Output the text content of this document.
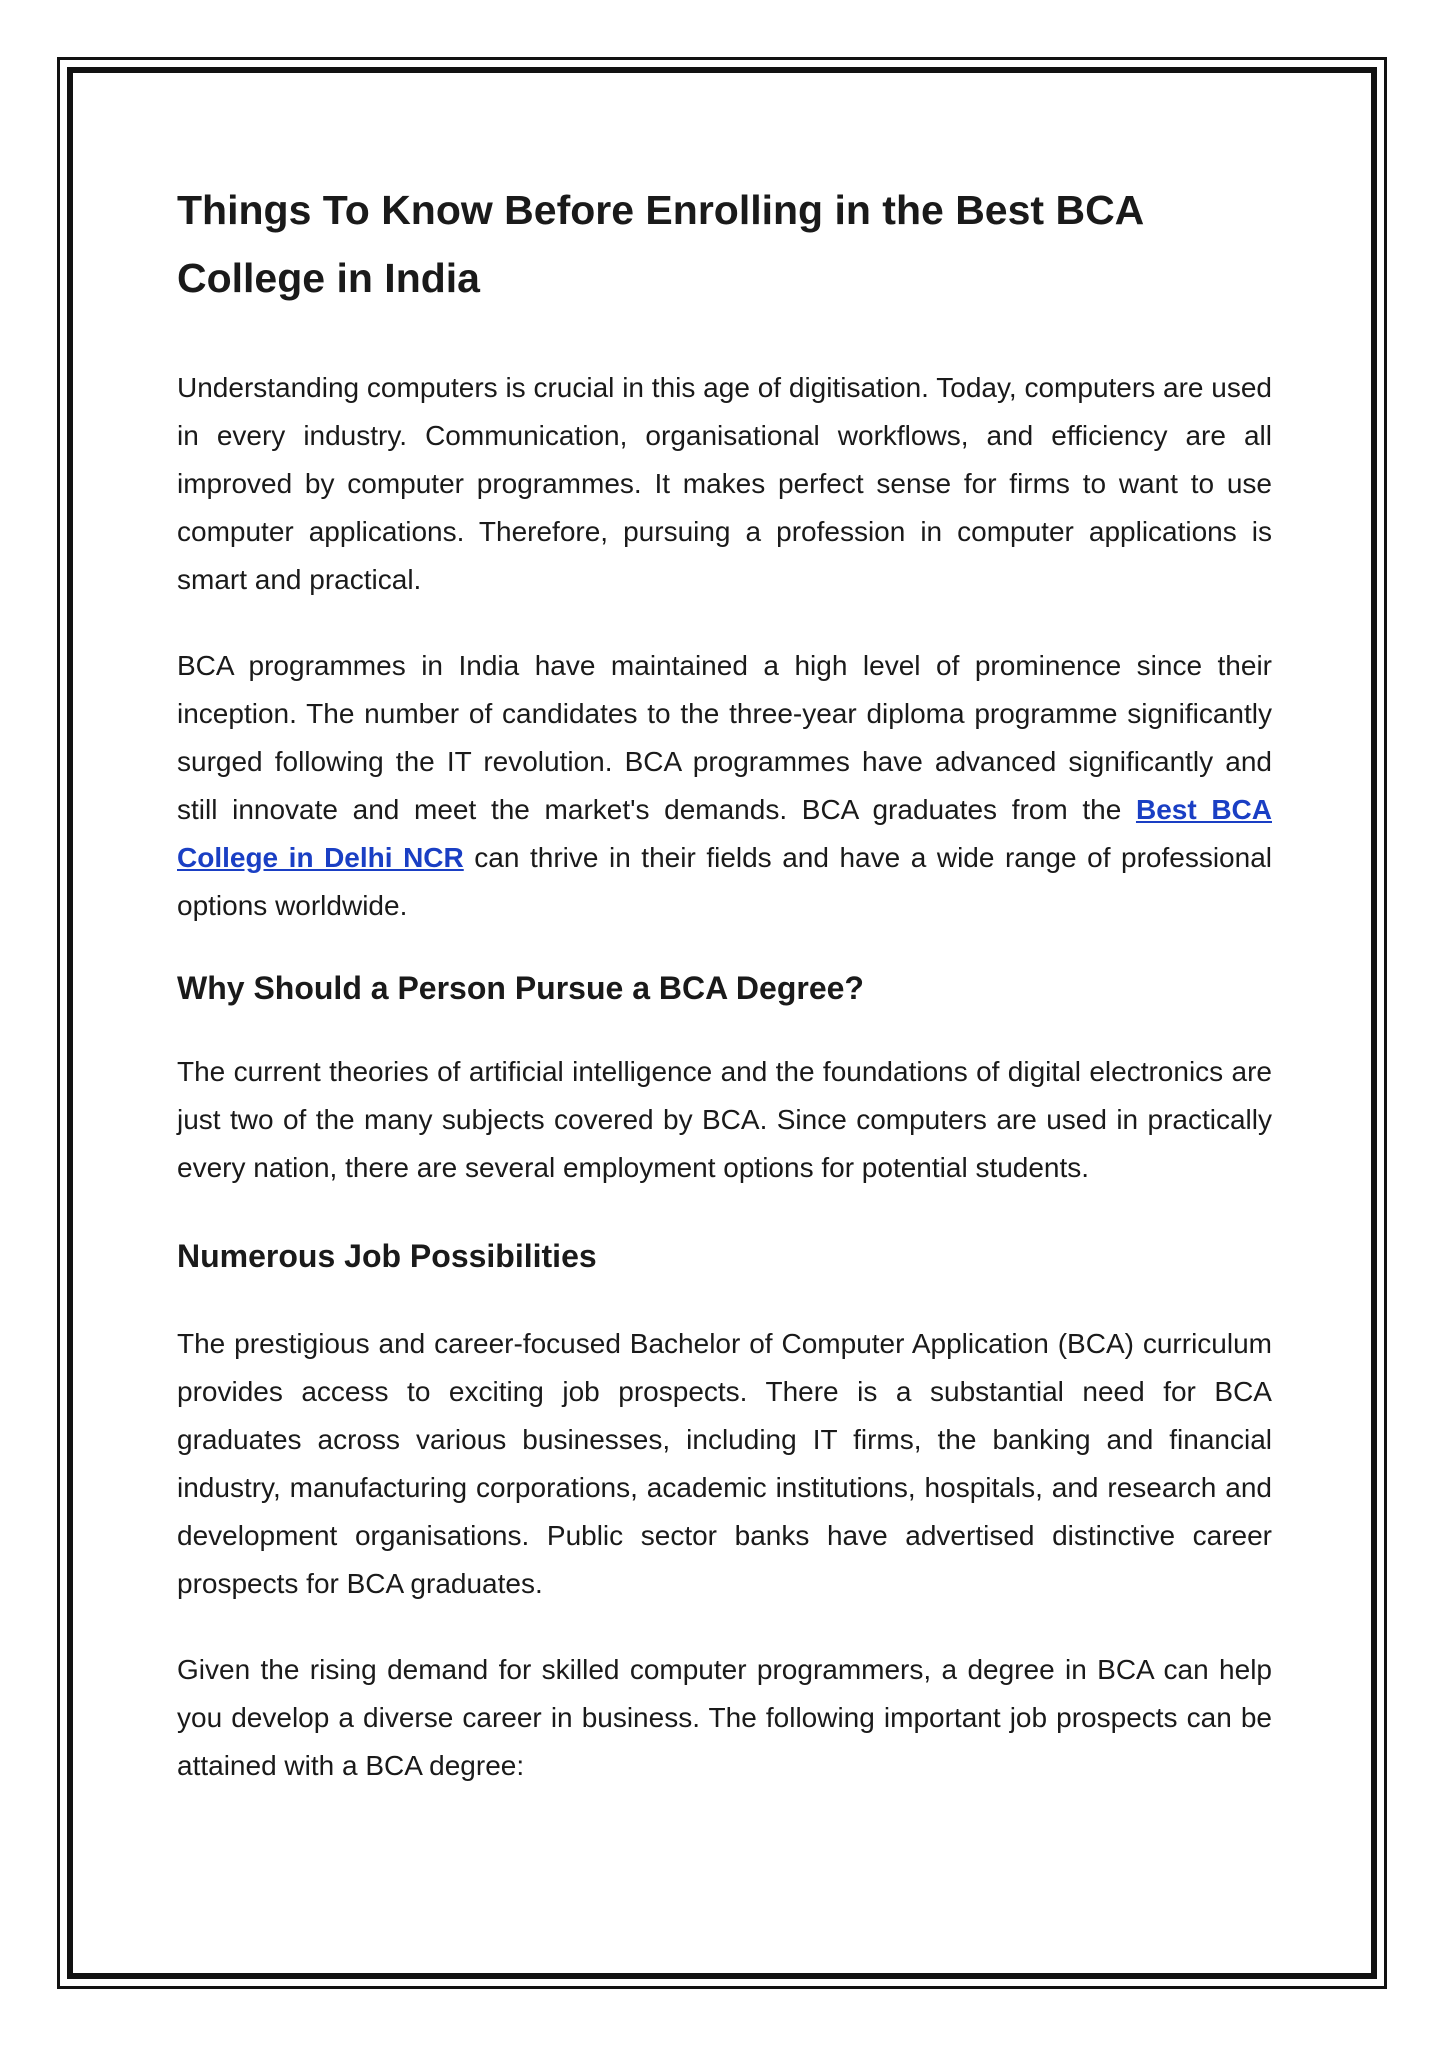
Things To Know Before Enrolling in the Best BCA College in India

Understanding computers is crucial in this age of digitisation. Today, computers are used in every industry. Communication, organisational workflows, and efficiency are all improved by computer programmes. It makes perfect sense for firms to want to use computer applications. Therefore, pursuing a profession in computer applications is smart and practical.

BCA programmes in India have maintained a high level of prominence since their inception. The number of candidates to the three-year diploma programme significantly surged following the IT revolution. BCA programmes have advanced significantly and still innovate and meet the market's demands. BCA graduates from the Best BCA College in Delhi NCR can thrive in their fields and have a wide range of professional options worldwide.

Why Should a Person Pursue a BCA Degree?

The current theories of artificial intelligence and the foundations of digital electronics are just two of the many subjects covered by BCA. Since computers are used in practically every nation, there are several employment options for potential students.

Numerous Job Possibilities

The prestigious and career-focused Bachelor of Computer Application (BCA) curriculum provides access to exciting job prospects. There is a substantial need for BCA graduates across various businesses, including IT firms, the banking and financial industry, manufacturing corporations, academic institutions, hospitals, and research and development organisations. Public sector banks have advertised distinctive career prospects for BCA graduates.

Given the rising demand for skilled computer programmers, a degree in BCA can help you develop a diverse career in business. The following important job prospects can be attained with a BCA degree:
